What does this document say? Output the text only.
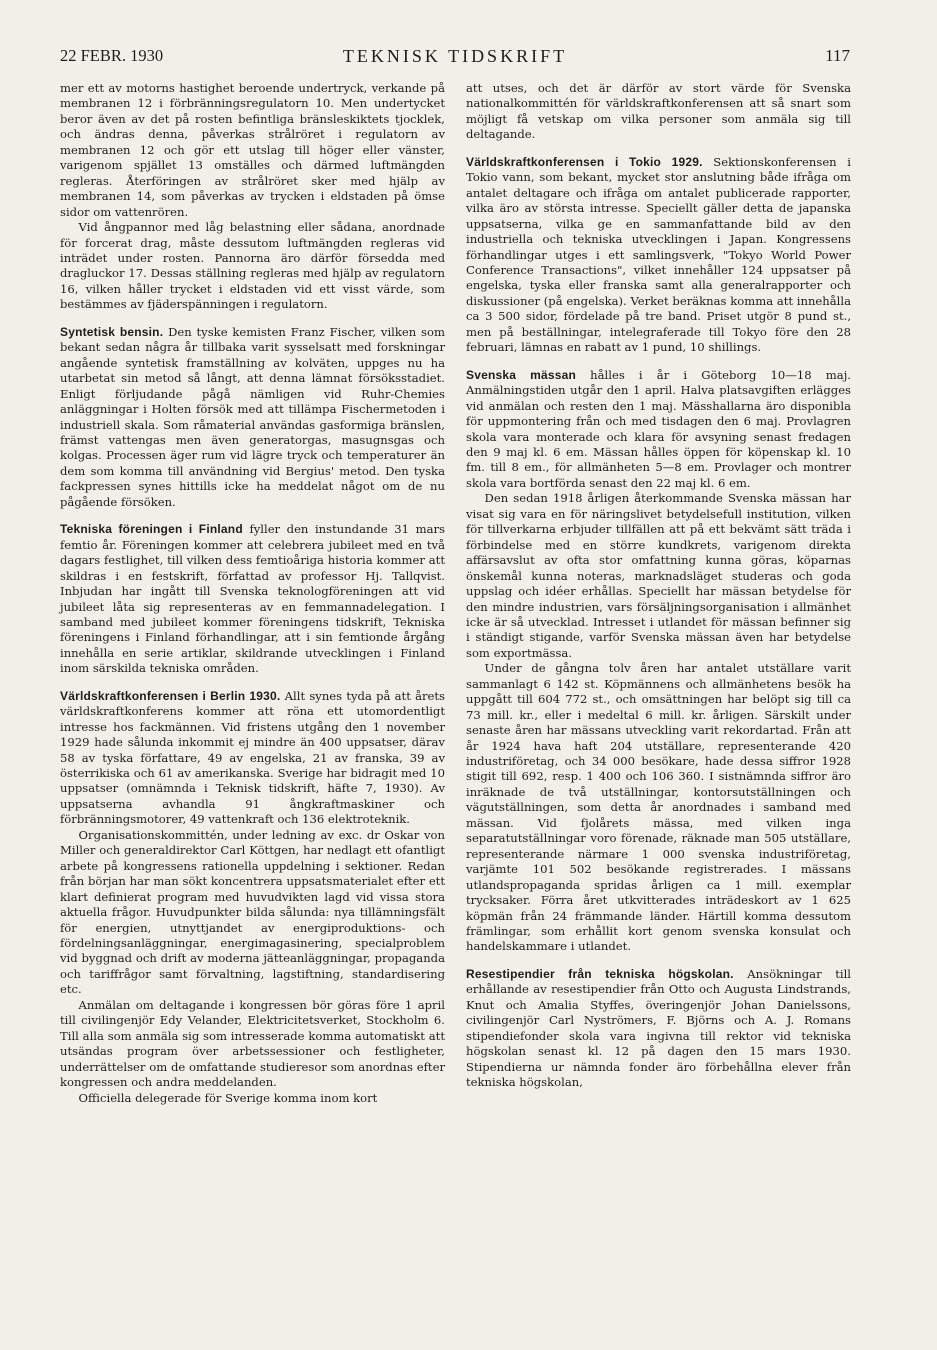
22 FEBR. 1930	TEKNISK TIDSKRIFT	117

mer ett av motorns hastighet beroende undertryck, verkande på membranen 12 i förbränningsregulatorn 10. Men undertycket beror även av det på rosten befintliga bränsleskiktets tjocklek, och ändras denna, påverkas strålröret i regulatorn av membranen 12 och gör ett utslag till höger eller vänster, varigenom spjället 13 omställes och därmed luftmängden regleras. Återföringen av strålröret sker med hjälp av membranen 14, som påverkas av trycken i eldstaden på ömse sidor om vattenrören.

Vid ångpannor med låg belastning eller sådana, anordnade för forcerat drag, måste dessutom luftmängden regleras vid inträdet under rosten. Pannorna äro därför försedda med dragluckor 17. Dessas ställning regleras med hjälp av regulatorn 16, vilken håller trycket i eldstaden vid ett visst värde, som bestämmes av fjäderspänningen i regulatorn.

Syntetisk bensin. Den tyske kemisten Franz Fischer, vilken som bekant sedan några år tillbaka varit sysselsatt med forskningar angående syntetisk framställning av kolväten, uppges nu ha utarbetat sin metod så långt, att denna lämnat försöksstadiet. Enligt förljudande pågå nämligen vid Ruhr-Chemies anläggningar i Holten försök med att tillämpa Fischermetoden i industriell skala. Som råmaterial användas gasformiga bränslen, främst vattengas men även generatorgas, masugnsgas och kolgas. Processen äger rum vid lägre tryck och temperaturer än dem som komma till användning vid Bergius' metod. Den tyska fackpressen synes hittills icke ha meddelat något om de nu pågående försöken.

Tekniska föreningen i Finland fyller den instundande 31 mars femtio år. Föreningen kommer att celebrera jubileet med en två dagars festlighet, till vilken dess femtioåriga historia kommer att skildras i en festskrift, författad av professor Hj. Tallqvist. Inbjudan har ingått till Svenska teknologföreningen att vid jubileet låta sig representeras av en femmannadelegation. I samband med jubileet kommer föreningens tidskrift, Tekniska föreningens i Finland förhandlingar, att i sin femtionde årgång innehålla en serie artiklar, skildrande utvecklingen i Finland inom särskilda tekniska områden.

Världskraftkonferensen i Berlin 1930. Allt synes tyda på att årets världskraftkonferens kommer att röna ett utomordentligt intresse hos fackmännen. Vid fristens utgång den 1 november 1929 hade sålunda inkommit ej mindre än 400 uppsatser, därav 58 av tyska författare, 49 av engelska, 21 av franska, 39 av österrikiska och 61 av amerikanska. Sverige har bidragit med 10 uppsatser (omnämnda i Teknisk tidskrift, häfte 7, 1930). Av uppsatserna avhandla 91 ångkraftmaskiner och förbränningsmotorer, 49 vattenkraft och 136 elektroteknik.

Organisationskommittén, under ledning av exc. dr Oskar von Miller och generaldirektor Carl Köttgen, har nedlagt ett ofantligt arbete på kongressens rationella uppdelning i sektioner. Redan från början har man sökt koncentrera uppsatsmaterialet efter ett klart definierat program med huvudvikten lagd vid vissa stora aktuella frågor. Huvudpunkter bilda sålunda: nya tillämningsfält för energien, utnyttjandet av energiproduktions- och fördelningsanläggningar, energimagasinering, specialproblem vid byggnad och drift av moderna jätteanläggningar, propaganda och tariffrågor samt förvaltning, lagstiftning, standardisering etc.

Anmälan om deltagande i kongressen bör göras före 1 april till civilingenjör Edy Velander, Elektricitetsverket, Stockholm 6. Till alla som anmäla sig som intresserade komma automatiskt att utsändas program över arbetssessioner och festligheter, underrättelser om de omfattande studieresor som anordnas efter kongressen och andra meddelanden.

Officiella delegerade för Sverige komma inom kort

att utses, och det är därför av stort värde för Svenska nationalkommittén för världskraftkonferensen att så snart som möjligt få vetskap om vilka personer som anmäla sig till deltagande.

Världskraftkonferensen i Tokio 1929. Sektionskonferensen i Tokio vann, som bekant, mycket stor anslutning både ifråga om antalet deltagare och ifråga om antalet publicerade rapporter, vilka äro av största intresse. Speciellt gäller detta de japanska uppsatserna, vilka ge en sammanfattande bild av den industriella och tekniska utvecklingen i Japan. Kongressens förhandlingar utges i ett samlingsverk, "Tokyo World Power Conference Transactions", vilket innehåller 124 uppsatser på engelska, tyska eller franska samt alla generalrapporter och diskussioner (på engelska). Verket beräknas komma att innehålla ca 3 500 sidor, fördelade på tre band. Priset utgör 8 pund st., men på beställningar, intelegraferade till Tokyo före den 28 februari, lämnas en rabatt av 1 pund, 10 shillings.

Svenska mässan hålles i år i Göteborg 10—18 maj. Anmälningstiden utgår den 1 april. Halva platsavgiften erlägges vid anmälan och resten den 1 maj. Mässhallarna äro disponibla för uppmontering från och med tisdagen den 6 maj. Provlagren skola vara monterade och klara för avsyning senast fredagen den 9 maj kl. 6 em. Mässan hålles öppen för köpenskap kl. 10 fm. till 8 em., för allmänheten 5—8 em. Provlager och montrer skola vara bortförda senast den 22 maj kl. 6 em.

Den sedan 1918 årligen återkommande Svenska mässan har visat sig vara en för näringslivet betydelsefull institution, vilken för tillverkarna erbjuder tillfällen att på ett bekvämt sätt träda i förbindelse med en större kundkrets, varigenom direkta affärsavslut av ofta stor omfattning kunna göras, köparnas önskemål kunna noteras, marknadsläget studeras och goda uppslag och idéer erhållas. Speciellt har mässan betydelse för den mindre industrien, vars försäljningsorganisation i allmänhet icke är så utvecklad. Intresset i utlandet för mässan befinner sig i ständigt stigande, varför Svenska mässan även har betydelse som exportmässa.

Under de gångna tolv åren har antalet utställare varit sammanlagt 6 142 st. Köpmännens och allmänhetens besök ha uppgått till 604 772 st., och omsättningen har belöpt sig till ca 73 mill. kr., eller i medeltal 6 mill. kr. årligen. Särskilt under senaste åren har mässans utveckling varit rekordartad. Från att år 1924 hava haft 204 utställare, representerande 420 industriföretag, och 34 000 besökare, hade dessa siffror 1928 stigit till 692, resp. 1 400 och 106 360. I sistnämnda siffror äro inräknade de två utställningar, kontorsutställningen och vägutställningen, som detta år anordnades i samband med mässan. Vid fjolårets mässa, med vilken inga separatutställningar voro förenade, räknade man 505 utställare, representerande närmare 1 000 svenska industriföretag, varjämte 101 502 besökande registrerades. I mässans utlandspropaganda spridas årligen ca 1 mill. exemplar trycksaker. Förra året utkvitterades inträdeskort av 1 625 köpmän från 24 främmande länder. Härtill komma dessutom främlingar, som erhållit kort genom svenska konsulat och handelskammare i utlandet.

Resestipendier från tekniska högskolan. Ansökningar till erhållande av resestipendier från Otto och Augusta Lindstrands, Knut och Amalia Styffes, överingenjör Johan Danielssons, civilingenjör Carl Nyströmers, F. Björns och A. J. Romans stipendiefonder skola vara ingivna till rektor vid tekniska högskolan senast kl. 12 på dagen den 15 mars 1930. Stipendierna ur nämnda fonder äro förbehållna elever från tekniska högskolan,
